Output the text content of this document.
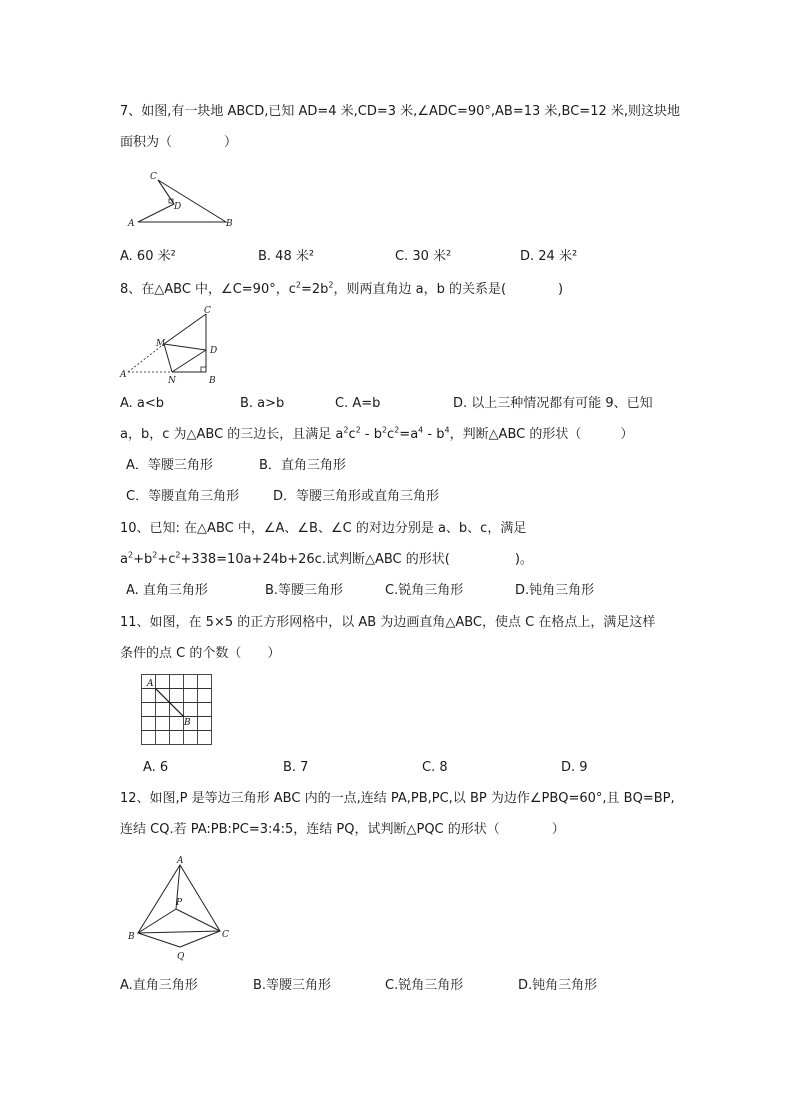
7、如图,有一块地 ABCD,已知 AD=4 米,CD=3 米,∠ADC=90°,AB=13 米,BC=12 米,则这块地
面积为（　　　　）
C
D
A	B
A. 60 米²	B. 48 米²	C. 30 米²	D. 24 米²
8、在△ABC 中，∠C=90°，$c^2=2b^2$，则两直角边 a，b 的关系是(　　　　)
C
M
D
A
N	B
A. a<b	B. a>b	C. A=b	D. 以上三种情况都有可能 9、已知
a，b，c 为△ABC 的三边长，且满足 $a^2c^2 - b^2c^2=a^4 - b^4$，判断△ABC 的形状（　　　）
A．等腰三角形	B．直角三角形
C．等腰直角三角形	D．等腰三角形或直角三角形
10、已知: 在△ABC 中，∠A、∠B、∠C 的对边分别是 a、b、c，满足
$a^2+b^2+c^2+338=10a+24b+26c$.试判断△ABC 的形状(　　　　　)。
A. 直角三角形	B.等腰三角形	C.锐角三角形	D.钝角三角形
11、如图，在 5×5 的正方形网格中，以 AB 为边画直角△ABC，使点 C 在格点上，满足这样
条件的点 C 的个数（　　）
A
B
A. 6	B. 7	C. 8	D. 9
12、如图,P 是等边三角形 ABC 内的一点,连结 PA,PB,PC,以 BP 为边作∠PBQ=60°,且 BQ=BP,
连结 CQ.若 PA:PB:PC=3:4:5，连结 PQ，试判断△PQC 的形状（　　　　）
A
P
B	C
Q
A.直角三角形	B.等腰三角形	C.锐角三角形	D.钝角三角形
